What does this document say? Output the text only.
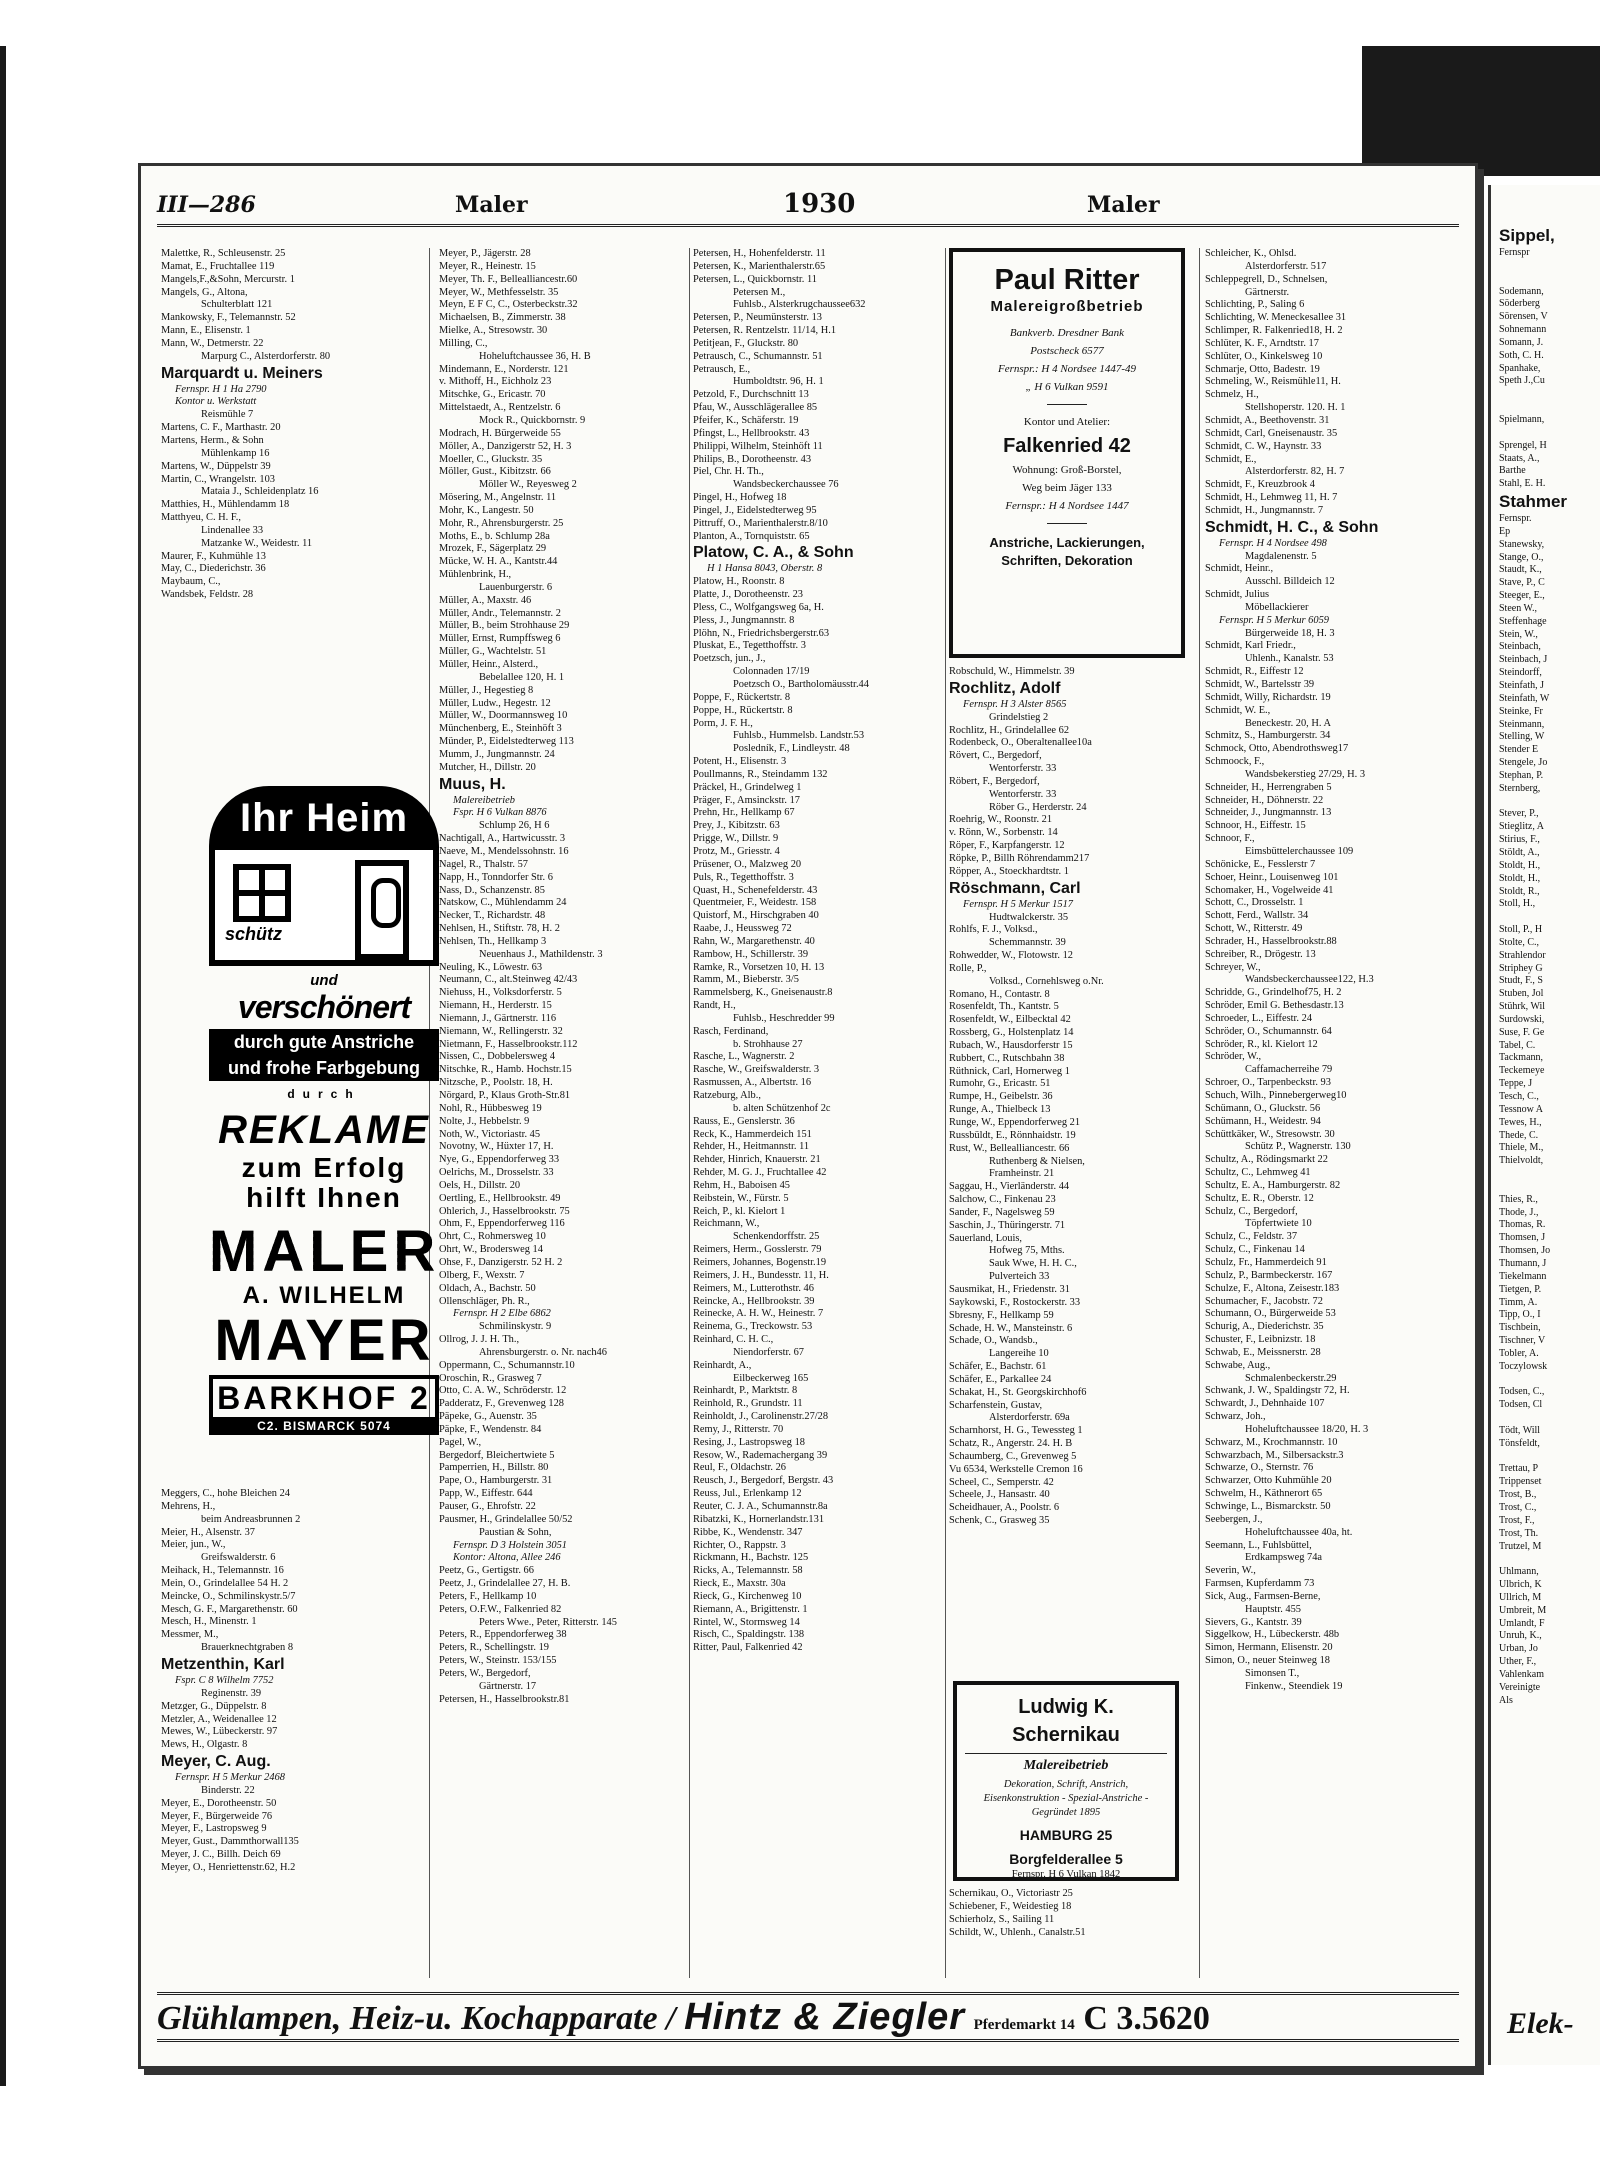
III—286	Maler	1930	Maler
Malettke, R., Schleusenstr. 25
Mamat, E., Fruchtallee 119
Mangels,F.,&Sohn, Mercurstr. 1
Mangels, G., Altona,
Schulterblatt 121
Mankowsky, F., Telemannstr. 52
Mann, E., Elisenstr. 1
Mann, W., Detmerstr. 22
Marpurg C., Alsterdorferstr. 80
Marquardt u. Meiners
Fernspr. H 1 Ha 2790
Kontor u. Werkstatt
Reismühle 7
Martens, C. F., Marthastr. 20
Martens, Herm., & Sohn
Mühlenkamp 16
Martens, W., Düppelstr 39
Martin, C., Wrangelstr. 103
Mataia J., Schleidenplatz 16
Matthies, H., Mühlendamm 18
Matthyeu, C. H. F.,
Lindenallee 33
Matzanke W., Weidestr. 11
Maurer, F., Kuhmühle 13
May, C., Diederichstr. 36
Maybaum, C.,
Wandsbek, Feldstr. 28
Meggers, C., hohe Bleichen 24
Mehrens, H.,
beim Andreasbrunnen 2
Meier, H., Alsenstr. 37
Meier, jun., W.,
Greifswalderstr. 6
Meihack, H., Telemannstr. 16
Mein, O., Grindelallee 54 H. 2
Meincke, O., Schmilinskystr.5/7
Mesch, G. F., Margarethenstr. 60
Mesch, H., Minenstr. 1
Messmer, M.,
Brauerknechtgraben 8
Metzenthin, Karl
Fspr. C 8 Wilhelm 7752
Reginenstr. 39
Metzger, G., Düppelstr. 8
Metzler, A., Weidenallee 12
Mewes, W., Lübeckerstr. 97
Mews, H., Olgastr. 8
Meyer, C. Aug.
Fernspr. H 5 Merkur 2468
Binderstr. 22
Meyer, E., Dorotheenstr. 50
Meyer, F., Bürgerweide 76
Meyer, F., Lastropsweg 9
Meyer, Gust., Dammthorwall135
Meyer, J. C., Billh. Deich 69
Meyer, O., Henriettenstr.62, H.2
Meyer, P., Jägerstr. 28
Meyer, R., Heinestr. 15
Meyer, Th. F., Bellealliancestr.60
Meyer, W., Methfesselstr. 35
Meyn, E F C, C., Osterbeckstr.32
Michaelsen, B., Zimmerstr. 38
Mielke, A., Stresowstr. 30
Milling, C.,
Hoheluftchaussee 36, H. B
Mindemann, E., Norderstr. 121
v. Mithoff, H., Eichholz 23
Mitschke, G., Ericastr. 70
Mittelstaedt, A., Rentzelstr. 6
Mock R., Quickbornstr. 9
Modrach, H. Bürgerweide 55
Möller, A., Danzigerstr 52, H. 3
Moeller, C., Gluckstr. 35
Möller, Gust., Kibitzstr. 66
Möller W., Reyesweg 2
Mösering, M., Angelnstr. 11
Mohr, K., Langestr. 50
Mohr, R., Ahrensburgerstr. 25
Moths, E., b. Schlump 28a
Mrozek, F., Sägerplatz 29
Mücke, W. H. A., Kantstr.44
Mühlenbrink, H.,
Lauenburgerstr. 6
Müller, A., Maxstr. 46
Müller, Andr., Telemannstr. 2
Müller, B., beim Strohhause 29
Müller, Ernst, Rumpffsweg 6
Müller, G., Wachtelstr. 51
Müller, Heinr., Alsterd.,
Bebelallee 120, H. 1
Müller, J., Hegestieg 8
Müller, Ludw., Hegestr. 12
Müller, W., Doormannsweg 10
Münchenberg, E., Steinhöft 3
Münder, P., Eidelstedterweg 113
Mumm, J., Jungmannstr. 24
Mutcher, H., Dillstr. 20
Muus, H.
Malereibetrieb
Fspr. H 6 Vulkan 8876
Schlump 26, H 6
Nachtigall, A., Hartwicusstr. 3
Naeve, M., Mendelssohnstr. 16
Nagel, R., Thalstr. 57
Napp, H., Tonndorfer Str. 6
Nass, D., Schanzenstr. 85
Natskow, C., Mühlendamm 24
Necker, T., Richardstr. 48
Nehlsen, H., Stiftstr. 78, H. 2
Nehlsen, Th., Hellkamp 3
Neuenhaus J., Mathildenstr. 3
Neuling, K., Löwestr. 63
Neumann, C., alt.Steinweg 42/43
Niehuss, H., Volksdorferstr. 5
Niemann, H., Herderstr. 15
Niemann, J., Gärtnerstr. 116
Niemann, W., Rellingerstr. 32
Nietmann, F., Hasselbrookstr.112
Nissen, C., Dobbelersweg 4
Nitschke, R., Hamb. Hochstr.15
Nitzsche, P., Poolstr. 18, H.
Nörgard, P., Klaus Groth-Str.81
Nohl, R., Hübbesweg 19
Nolte, J., Hebbelstr. 9
Noth, W., Victoriastr. 45
Novotny, W., Hüxter 17, H.
Nye, G., Eppendorferweg 33
Oelrichs, M., Drosselstr. 33
Oels, H., Dillstr. 20
Oertling, E., Hellbrookstr. 49
Ohlerich, J., Hasselbrookstr. 75
Ohm, F., Eppendorferweg 116
Ohrt, C., Rohmersweg 10
Ohrt, W., Brodersweg 14
Ohse, F., Danzigerstr. 52 H. 2
Olberg, F., Wexstr. 7
Oldach, A., Bachstr. 50
Ollenschläger, Ph. R.,
Fernspr. H 2 Elbe 6862
Schmilinskystr. 9
Ollrog, J. J. H. Th.,
Ahrensburgerstr. o. Nr. nach46
Oppermann, C., Schumannstr.10
Oroschin, R., Grasweg 7
Otto, C. A. W., Schröderstr. 12
Padderatz, F., Grevenweg 128
Päpeke, G., Auenstr. 35
Päpke, F., Wendenstr. 84
Pagel, W.,
Bergedorf, Bleichertwiete 5
Pamperrien, H., Billstr. 80
Pape, O., Hamburgerstr. 31
Papp, W., Eiffestr. 644
Pauser, G., Ehrofstr. 22
Pausmer, H., Grindelallee 50/52
Paustian & Sohn,
Fernspr. D 3 Holstein 3051
Kontor: Altona, Allee 246
Peetz, G., Gertigstr. 66
Peetz, J., Grindelallee 27, H. B.
Peters, F., Hellkamp 10
Peters, O.F.W., Falkenried 82
Peters Wwe., Peter, Ritterstr. 145
Peters, R., Eppendorferweg 38
Peters, R., Schellingstr. 19
Peters, W., Steinstr. 153/155
Peters, W., Bergedorf,
Gärtnerstr. 17
Petersen, H., Hasselbrookstr.81
Petersen, H., Hohenfelderstr. 11
Petersen, K., Marienthalerstr.65
Petersen, L., Quickbornstr. 11
Petersen M.,
Fuhlsb., Alsterkrugchaussee632
Petersen, P., Neumünsterstr. 13
Petersen, R. Rentzelstr. 11/14, H.1
Petitjean, F., Gluckstr. 80
Petrausch, C., Schumannstr. 51
Petrausch, E.,
Humboldtstr. 96, H. 1
Petzold, F., Durchschnitt 13
Pfau, W., Ausschlägerallee 85
Pfeifer, K., Schäferstr. 19
Pfingst, L., Hellbrookstr. 43
Philippi, Wilhelm, Steinhöft 11
Philips, B., Dorotheenstr. 43
Piel, Chr. H. Th.,
Wandsbeckerchaussee 76
Pingel, H., Hofweg 18
Pingel, J., Eidelstedterweg 95
Pittruff, O., Marienthalerstr.8/10
Planton, A., Tornquiststr. 65
Platow, C. A., & Sohn
H 1 Hansa 8043, Oberstr. 8
Platow, H., Roonstr. 8
Platte, J., Dorotheenstr. 23
Pless, C., Wolfgangsweg 6a, H.
Pless, J., Jungmannstr. 8
Plöhn, N., Friedrichsbergerstr.63
Pluskat, E., Tegetthoffstr. 3
Poetzsch, jun., J.,
Colonnaden 17/19
Poetzsch O., Bartholomäusstr.44
Poppe, F., Rückertstr. 8
Poppe, H., Rückertstr. 8
Porm, J. F. H.,
Fuhlsb., Hummelsb. Landstr.53
Posledník, F., Lindleystr. 48
Potent, H., Elisenstr. 3
Poullmanns, R., Steindamm 132
Präckel, H., Grindelweg 1
Präger, F., Amsinckstr. 17
Prehn, Hr., Hellkamp 67
Prey, J., Kibitzstr. 63
Prigge, W., Dillstr. 9
Protz, M., Griesstr. 4
Prüsener, O., Malzweg 20
Puls, R., Tegetthoffstr. 3
Quast, H., Schenefelderstr. 43
Quentmeier, F., Weidestr. 158
Quistorf, M., Hirschgraben 40
Raabe, J., Heussweg 72
Rahn, W., Margarethenstr. 40
Rambow, H., Schillerstr. 39
Ramke, R., Vorsetzen 10, H. 13
Ramm, M., Bieberstr. 3/5
Rammelsberg, K., Gneisenaustr.8
Randt, H.,
Fuhlsb., Heschredder 99
Rasch, Ferdinand,
b. Strohhause 27
Rasche, L., Wagnerstr. 2
Rasche, W., Greifswalderstr. 3
Rasmussen, A., Albertstr. 16
Ratzeburg, Alb.,
b. alten Schützenhof 2c
Rauss, E., Genslerstr. 36
Reck, K., Hammerdeich 151
Rehder, H., Heitmannstr. 11
Rehder, Hinrich, Knauerstr. 21
Rehder, M. G. J., Fruchtallee 42
Rehm, H., Baboisen 45
Reibstein, W., Fürstr. 5
Reich, P., kl. Kielort 1
Reichmann, W.,
Schenkendorffstr. 25
Reimers, Herm., Gosslerstr. 79
Reimers, Johannes, Bogenstr.19
Reimers, J. H., Bundesstr. 11, H.
Reimers, M., Lutterothstr. 46
Reincke, A., Hellbrookstr. 39
Reinecke, A. H. W., Heinestr. 7
Reinema, G., Treckowstr. 53
Reinhard, C. H. C.,
Niendorferstr. 67
Reinhardt, A.,
Eilbeckerweg 165
Reinhardt, P., Marktstr. 8
Reinhold, R., Grundstr. 11
Reinholdt, J., Carolinenstr.27/28
Remy, J., Ritterstr. 70
Resing, J., Lastropsweg 18
Resow, W., Rademachergang 39
Reul, F., Oldachstr. 26
Reusch, J., Bergedorf, Bergstr. 43
Reuss, Jul., Erlenkamp 12
Reuter, C. J. A., Schumannstr.8a
Ribatzki, K., Hornerlandstr.131
Ribbe, K., Wendenstr. 347
Richter, O., Rappstr. 3
Rickmann, H., Bachstr. 125
Ricks, A., Telemannstr. 58
Rieck, E., Maxstr. 30a
Rieck, G., Kirchenweg 10
Riemann, A., Brigittenstr. 1
Rintel, W., Stormsweg 14
Risch, C., Spaldingstr. 138
Ritter, Paul, Falkenried 42
Robschuld, W., Himmelstr. 39
Rochlitz, Adolf
Fernspr. H 3 Alster 8565
Grindelstieg 2
Rochlitz, H., Grindelallee 62
Rodenbeck, O., Oberaltenallee10a
Rövert, C., Bergedorf,
Wentorferstr. 33
Röbert, F., Bergedorf,
Wentorferstr. 33
Röber G., Herderstr. 24
Roehrig, W., Roonstr. 21
v. Rönn, W., Sorbenstr. 14
Röper, F., Karpfangerstr. 12
Röpke, P., Billh Röhrendamm217
Röpper, A., Stoeckhardtstr. 1
Röschmann, Carl
Fernspr. H 5 Merkur 1517
Hudtwalckerstr. 35
Rohlfs, F. J., Volksd.,
Schemmannstr. 39
Rohwedder, W., Flotowstr. 12
Rolle, P.,
Volksd., Cornehlsweg o.Nr.
Romano, H., Contastr. 8
Rosenfeldt, Th., Kantstr. 5
Rosenfeldt, W., Eilbecktal 42
Rossberg, G., Holstenplatz 14
Rubach, W., Hausdorferstr 15
Rubbert, C., Rutschbahn 38
Rüthnick, Carl, Hornerweg 1
Rumohr, G., Ericastr. 51
Rumpe, H., Geibelstr. 36
Runge, A., Thielbeck 13
Runge, W., Eppendorferweg 21
Russbüldt, E., Rönnhaidstr. 19
Rust, W., Bellealliancestr. 66
Ruthenberg & Nielsen,
Framheinstr. 21
Saggau, H., Vierländerstr. 44
Salchow, C., Finkenau 23
Sander, F., Nagelsweg 59
Saschin, J., Thüringerstr. 71
Sauerland, Louis,
Hofweg 75, Mths.
Sauk Wwe, H. H. C.,
Pulverteich 33
Sausmikat, H., Friedenstr. 31
Saykowski, F., Rostockerstr. 33
Sbresny, F., Hellkamp 59
Schade, H. W., Mansteinstr. 6
Schade, O., Wandsb.,
Langereihe 10
Schäfer, E., Bachstr. 61
Schäfer, E., Parkallee 24
Schakat, H., St. Georgskirchhof6
Scharfenstein, Gustav,
Alsterdorferstr. 69a
Scharnhorst, H. G., Tewessteg 1
Schatz, R., Angerstr. 24. H. B
Schaumberg, C., Grevenweg 5
Vu 6534, Werkstelle Cremon 16
Scheel, C., Semperstr. 42
Scheele, J., Hansastr. 40
Scheidhauer, A., Poolstr. 6
Schenk, C., Grasweg 35
Schernikau, O., Victoriastr 25
Schiebener, F., Weidestieg 18
Schierholz, S., Sailing 11
Schildt, W., Uhlenh., Canalstr.51
Schleicher, K., Ohlsd.
Alsterdorferstr. 517
Schleppegrell, D., Schnelsen,
Gärtnerstr.
Schlichting, P., Saling 6
Schlichting, W. Meneckesallee 31
Schlimper, R. Falkenried18, H. 2
Schlüter, K. F., Arndtstr. 17
Schlüter, O., Kinkelsweg 10
Schmarje, Otto, Badestr. 19
Schmeling, W., Reismühle11, H.
Schmelz, H.,
Stellshoperstr. 120. H. 1
Schmidt, A., Beethovenstr. 31
Schmidt, Carl, Gneisenaustr. 35
Schmidt, C. W., Haynstr. 33
Schmidt, E.,
Alsterdorferstr. 82, H. 7
Schmidt, F., Kreuzbrook 4
Schmidt, H., Lehmweg 11, H. 7
Schmidt, H., Jungmannstr. 7
Schmidt, H. C., & Sohn
Fernspr. H 4 Nordsee 498
Magdalenenstr. 5
Schmidt, Heinr.,
Ausschl. Billdeich 12
Schmidt, Julius
Möbellackierer
Fernspr. H 5 Merkur 6059
Bürgerweide 18, H. 3
Schmidt, Karl Friedr.,
Uhlenh., Kanalstr. 53
Schmidt, R., Eiffestr 12
Schmidt, W., Bartelsstr 39
Schmidt, Willy, Richardstr. 19
Schmidt, W. E.,
Beneckestr. 20, H. A
Schmitz, S., Hamburgerstr. 34
Schmock, Otto, Abendrothsweg17
Schmoock, F.,
Wandsbekerstieg 27/29, H. 3
Schneider, H., Herrengraben 5
Schneider, H., Döhnerstr. 22
Schneider, J., Jungmannstr. 13
Schnoor, H., Eiffestr. 15
Schnoor, F.,
Eimsbüttelerchaussee 109
Schönicke, E., Fesslerstr 7
Schoer, Heinr., Louisenweg 101
Schomaker, H., Vogelweide 41
Schott, C., Drosselstr. 1
Schott, Ferd., Wallstr. 34
Schott, W., Ritterstr. 49
Schrader, H., Hasselbrookstr.88
Schreiber, R., Drögestr. 13
Schreyer, W.,
Wandsbeckerchaussee122, H.3
Schridde, G., Grindelhof75, H. 2
Schröder, Emil G. Bethesdastr.13
Schroeder, L., Eiffestr. 24
Schröder, O., Schumannstr. 64
Schröder, R., kl. Kielort 12
Schröder, W.,
Caffamacherreihe 79
Schroer, O., Tarpenbeckstr. 93
Schuch, Wilh., Pinnebergerweg10
Schümann, O., Gluckstr. 56
Schümann, H., Weidestr. 94
Schüttkäker, W., Stresowstr. 30
Schütz P., Wagnerstr. 130
Schultz, A., Rödingsmarkt 22
Schultz, C., Lehmweg 41
Schultz, E. A., Hamburgerstr. 82
Schultz, E. R., Oberstr. 12
Schulz, C., Bergedorf,
Töpfertwiete 10
Schulz, C., Feldstr. 37
Schulz, C., Finkenau 14
Schulz, Fr., Hammerdeich 91
Schulz, P., Barmbeckerstr. 167
Schulze, F., Altona, Zeisestr.183
Schumacher, F., Jacobstr. 72
Schumann, O., Bürgerweide 53
Schurig, A., Diederichstr. 35
Schuster, F., Leibnizstr. 18
Schwab, E., Meissnerstr. 28
Schwabe, Aug.,
Schmalenbeckerstr.29
Schwank, J. W., Spaldingstr 72, H.
Schwardt, J., Dehnhaide 107
Schwarz, Joh.,
Hoheluftchaussee 18/20, H. 3
Schwarz, M., Krochmannstr. 10
Schwarzbach, M., Silbersackstr.3
Schwarze, O., Sternstr. 76
Schwarzer, Otto Kuhmühle 20
Schwelm, H., Käthnerort 65
Schwinge, L., Bismarckstr. 50
Seebergen, J.,
Hoheluftchaussee 40a, ht.
Seemann, L., Fuhlsbüttel,
Erdkampsweg 74a
Severin, W.,
Farmsen, Kupferdamm 73
Sick, Aug., Farmsen-Berne,
Hauptstr. 455
Sievers, G., Kantstr. 39
Siggelkow, H., Lübeckerstr. 48b
Simon, Hermann, Elisenstr. 20
Simon, O., neuer Steinweg 18
Simonsen T.,
Finkenw., Steendiek 19
Paul Ritter
Malereigroßbetrieb
Bankverb. Dresdner Bank
Postscheck 6577
Fernspr.: H 4 Nordsee 1447-49
„ H 6 Vulkan 9591
Kontor und Atelier:
Falkenried 42
Wohnung: Groß-Borstel,
Weg beim Jäger 133
Fernspr.: H 4 Nordsee 1447
Anstriche, Lackierungen, Schriften, Dekoration
Ludwig K. Schernikau
Malereibetrieb
Dekoration, Schrift, Anstrich, Eisenkonstruktion - Spezial-Anstriche - Gegründet 1895
HAMBURG 25
Borgfelderallee 5
Fernspr. H 6 Vulkan 1842
Ihr Heim
schütz
und
verschönert
durch gute Anstriche
und frohe Farbgebung
durch
REKLAME
zum Erfolg
hilft Ihnen
MALER
A. WILHELM
MAYER
BARKHOF 2
C2. BISMARCK 5074
Glühlampen, Heiz-u. Kochapparate / Hintz & Ziegler Pferdemarkt 14 C 3.5620
Sippel,
Fernspr

Sodemann,
Söderberg
Sörensen, V
Sohnemann
Somann, J.
Soth, C. H.
Spanhake,
Speth J.,Cu

Spielmann,

Sprengel, H
Staats, A.,
Barthe
Stahl, E. H.
Stahmer
Fernspr.
Ep
Stanewsky,
Stange, O.,
Staudt, K.,
Stave, P., C
Steeger, E.,
Steen W.,
Steffenhage
Stein, W.,
Steinbach,
Steinbach, J
Steindorff,
Steinfath, J
Steinfath, W
Steinke, Fr
Steinmann,
Stelling, W
Stender E
Stengele, Jo
Stephan, P.
Sternberg,

Stever, P.,
Stieglitz, A
Stirius, F.,
Stöldt, A.,
Stoldt, H.,
Stoldt, H.,
Stoldt, R.,
Stoll, H.,

Stoll, P., H
Stolte, C.,
Strahlendor
Striphey G
Studt, F., S
Stuben, Jol
Stührk, Wil
Surdowski,
Suse, F. Ge
Tabel, C.
Tackmann,
Teckemeye
Teppe, J
Tesch, C.,
Tessnow A
Tewes, H.,
Thede, C.
Thiele, M.,
Thielvoldt,

Thies, R.,
Thode, J.,
Thomas, R.
Thomsen, J
Thomsen, Jo
Thumann, J
Tiekelmann
Tietgen, P.
Timm, A.
Tipp, O., I
Tischbein,
Tischner, V
Tobler, A.
Toczylowsk

Todsen, C.,
Todsen, Cl

Tödt, Will
Tönsfeldt,

Trettau, P
Trippenset
Trost, B.,
Trost, C.,
Trost, F.,
Trost, Th.
Trutzel, M

Uhlmann,
Ulbrich, K
Ullrich, M
Umbreit, M
Umlandt, F
Unruh, K.,
Urban, Jo
Uther, F.,
Vahlenkam
Vereinigte
Als
Elek-
